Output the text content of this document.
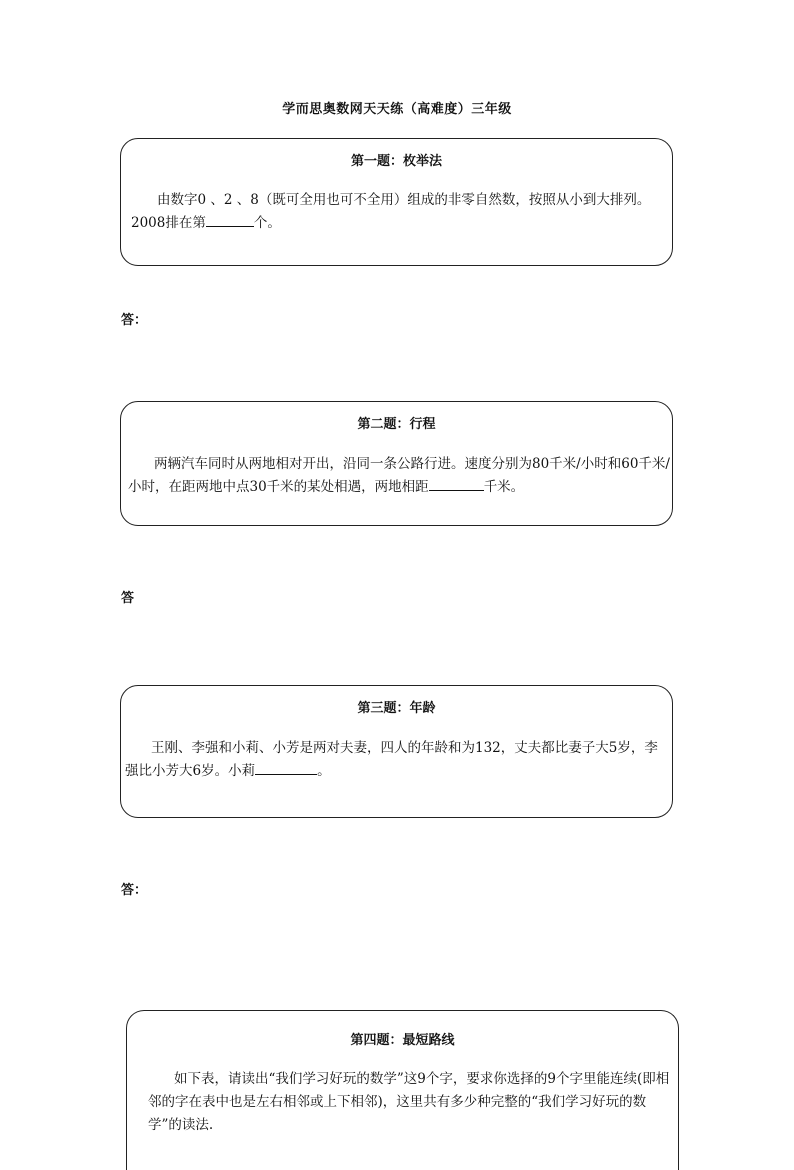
学而思奥数网天天练（高难度）三年级
第一题：枚举法
由数字0 、2 、8（既可全用也可不全用）组成的非零自然数，按照从小到大排列。2008排在第	个。
答：
第二题：行程
两辆汽车同时从两地相对开出，沿同一条公路行进。速度分别为80千米/小时和60千米/小时，在距两地中点30千米的某处相遇，两地相距	千米。
答
第三题：年龄
王刚、李强和小莉、小芳是两对夫妻，四人的年龄和为132，丈夫都比妻子大5岁，李强比小芳大6岁。小莉	。
答：
第四题：最短路线
如下表，请读出“我们学习好玩的数学”这9个字，要求你选择的9个字里能连续(即相邻的字在表中也是左右相邻或上下相邻)，这里共有多少种完整的“我们学习好玩的数学”的读法.
